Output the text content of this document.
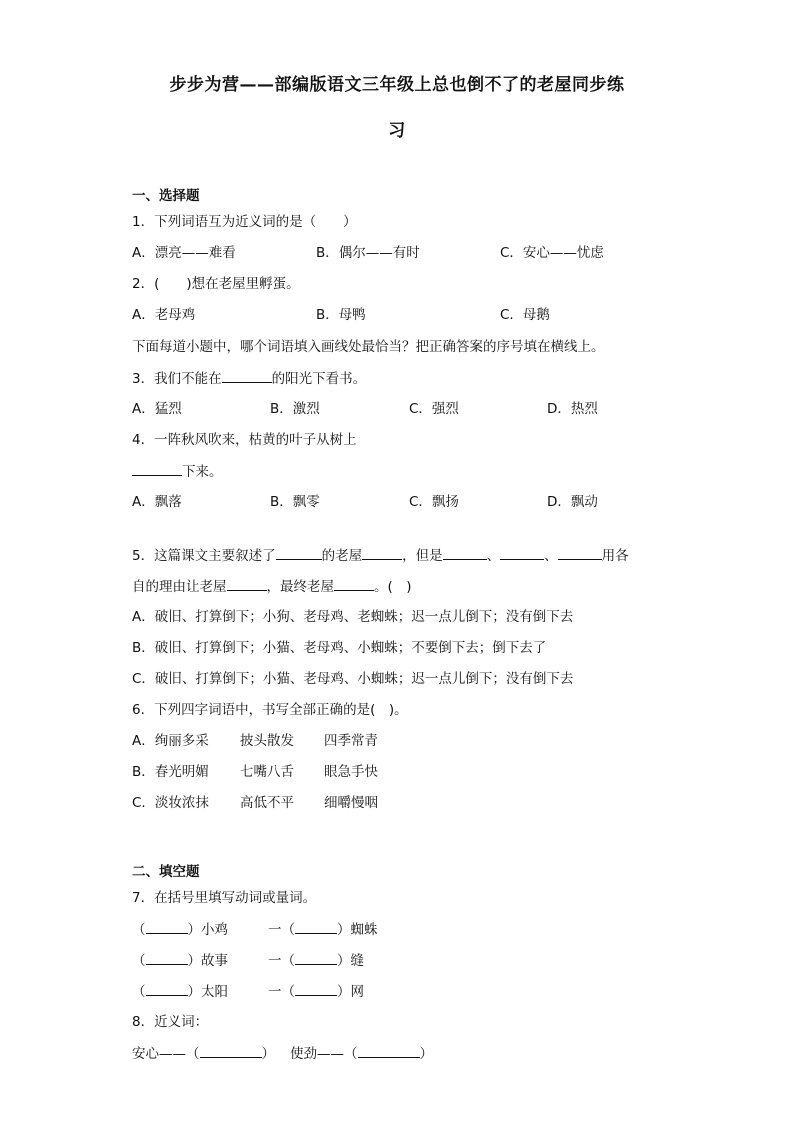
步步为营——部编版语文三年级上总也倒不了的老屋同步练
习
一、选择题
1．下列词语互为近义词的是（　　）
A．漂亮——难看	B．偶尔——有时	C．安心——忧虑
2．(　　)想在老屋里孵蛋。
A．老母鸡	B．母鸭	C．母鹅
下面每道小题中，哪个词语填入画线处最恰当？把正确答案的序号填在横线上。
3．我们不能在	的阳光下看书。
A．猛烈	B．激烈	C．强烈	D．热烈
4．一阵秋风吹来，枯黄的叶子从树上
下来。
A．飘落	B．飘零	C．飘扬	D．飘动
5．这篇课文主要叙述了	的老屋	，但是	、	、	用各
自的理由让老屋	，最终老屋	。(　)
A．破旧、打算倒下；小狗、老母鸡、老蜘蛛；迟一点儿倒下；没有倒下去
B．破旧、打算倒下；小猫、老母鸡、小蜘蛛；不要倒下去；倒下去了
C．破旧、打算倒下；小猫、老母鸡、小蜘蛛；迟一点儿倒下；没有倒下去
6．下列四字词语中，书写全部正确的是(　)。
A．绚丽多采 披头散发 四季常青
B．春光明媚 七嘴八舌 眼急手快
C．淡妆浓抹 高低不平 细嚼慢咽
二、填空题
7．在括号里填写动词或量词。
（	）小鸡	一（	）蜘蛛
（	）故事	一（	）缝
（	）太阳	一（	）网
8．近义词：
安心——（	） 使劲——（	）
